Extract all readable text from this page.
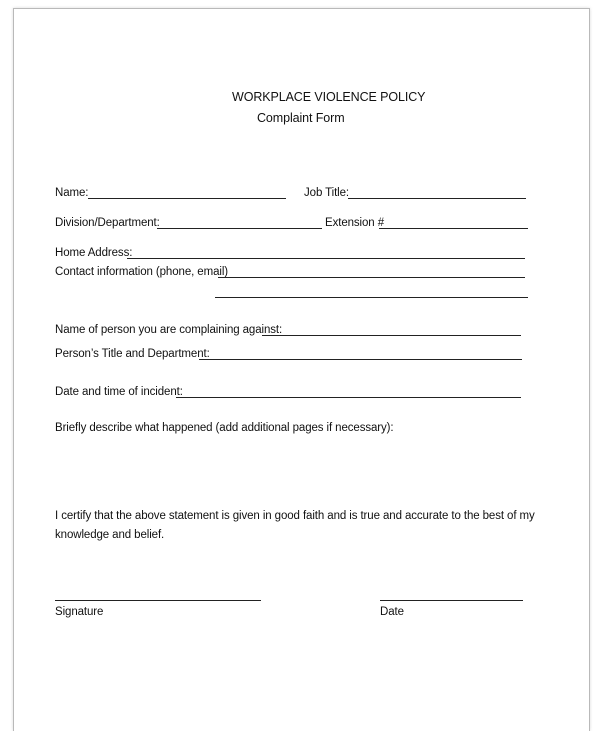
WORKPLACE VIOLENCE POLICY
Complaint Form
Name:	Job Title:
Division/Department:	Extension #
Home Address:
Contact information (phone, email)
Name of person you are complaining against:
Person’s Title and Department:
Date and time of incident:
Briefly describe what happened (add additional pages if necessary):
I certify that the above statement is given in good faith and is true and accurate to the best of my
knowledge and belief.
Signature	Date
